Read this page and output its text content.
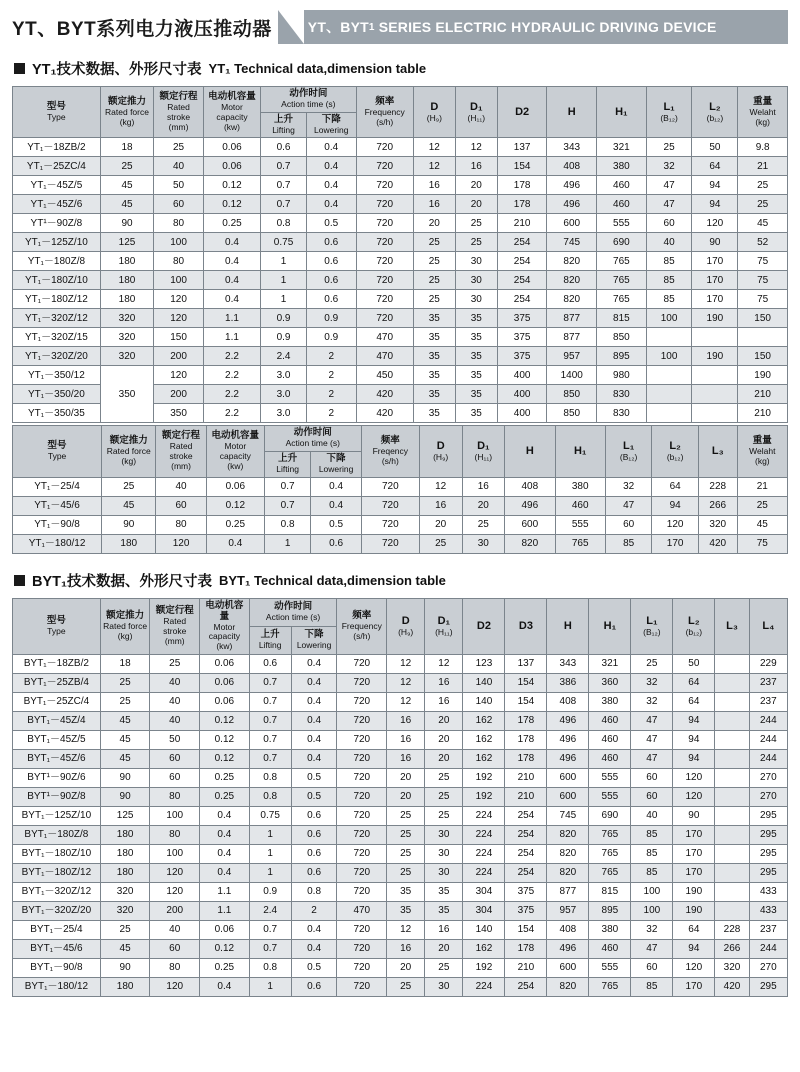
YT、BYT系列电力液压推动器	YT、BYT 1
SERIES ELECTRIC HYDRAULIC DRIVING DEVICE
YT₁技术数据、外形尺寸表 YT₁ Technical data,dimension table
型号
Type	额定推力
Rated force
(kg)	额定行程
Rated stroke
(mm)	电动机容量
Motor capacity
(kw)	动作时间
Action time (s)		频率
Frequency
(s/h)	D
(H₉)	D₁
(H₁₁)	D2	H	H₁	L₁
(B₁₂)	L₂
(b₁₂)	重量
Welaht
(kg)

				上升
Lifting	下降
Lowering									

YT₁－18ZB/2	18	25	0.06	0.6	0.4	720	12	12	137	343	321	25	50	9.8
YT₁－25ZC/4	25	40	0.06	0.7	0.4	720	12	16	154	408	380	32	64	21
YT₁－45Z/5	45	50	0.12	0.7	0.4	720	16	20	178	496	460	47	94	25
YT₁－45Z/6	45	60	0.12	0.7	0.4	720	16	20	178	496	460	47	94	25
YT¹－90Z/8	90	80	0.25	0.8	0.5	720	20	25	210	600	555	60	120	45
YT₁－125Z/10	125	100	0.4	0.75	0.6	720	25	25	254	745	690	40	90	52
YT₁－180Z/8	180	80	0.4	1	0.6	720	25	30	254	820	765	85	170	75
YT₁－180Z/10	180	100	0.4	1	0.6	720	25	30	254	820	765	85	170	75
YT₁－180Z/12	180	120	0.4	1	0.6	720	25	30	254	820	765	85	170	75
YT₁－320Z/12	320	120	1.1	0.9	0.9	720	35	35	375	877	815	100	190	150
YT₁－320Z/15	320	150	1.1	0.9	0.9	470	35	35	375	877	850			
YT₁－320Z/20	320	200	2.2	2.4	2	470	35	35	375	957	895	100	190	150
YT₁－350/12	350	120	2.2	3.0	2	450	35	35	400	1400	980			190
YT₁－350/20		200	2.2	3.0	2	420	35	35	400	850	830			210
YT₁－350/35		350	2.2	3.0	2	420	35	35	400	850	830			210
型号
Type	额定推力
Rated force
(kg)	额定行程
Rated stroke
(mm)	电动机容量
Motor capacity
(kw)	动作时间
Action time (s)		频率
Freqency
(s/h)	D
(H₉)	D₁
(H₁₁)	H	H₁	L₁
(B₁₂)	L₂
(b₁₂)	L₃	重量
Welaht
(kg)

				上升
Lifting	下降
Lowering									

YT₁－25/4	25	40	0.06	0.7	0.4	720	12	16	408	380	32	64	228	21
YT₁－45/6	45	60	0.12	0.7	0.4	720	16	20	496	460	47	94	266	25
YT₁－90/8	90	80	0.25	0.8	0.5	720	20	25	600	555	60	120	320	45
YT₁－180/12	180	120	0.4	1	0.6	720	25	30	820	765	85	170	420	75
BYT₁技术数据、外形尺寸表 BYT₁ Technical data,dimension table
型号
Type	额定推力
Rated force
(kg)	额定行程
Rated stroke
(mm)	电动机容量
Motor capacity
(kw)	动作时间
Action time (s)		频率
Frequency
(s/h)	D
(H₉)	D₁
(H₁₁)	D2	D3	H	H₁	L₁
(B₁₂)	L₂
(b₁₂)	L₃	L₄

				上升
Lifting	下降
Lowering											

BYT₁－18ZB/2	18	25	0.06	0.6	0.4	720	12	12	123	137	343	321	25	50		229
BYT₁－25ZB/4	25	40	0.06	0.7	0.4	720	12	16	140	154	386	360	32	64		237
BYT₁－25ZC/4	25	40	0.06	0.7	0.4	720	12	16	140	154	408	380	32	64		237
BYT₁－45Z/4	45	40	0.12	0.7	0.4	720	16	20	162	178	496	460	47	94		244
BYT₁－45Z/5	45	50	0.12	0.7	0.4	720	16	20	162	178	496	460	47	94		244
BYT₁－45Z/6	45	60	0.12	0.7	0.4	720	16	20	162	178	496	460	47	94		244
BYT¹－90Z/6	90	60	0.25	0.8	0.5	720	20	25	192	210	600	555	60	120		270
BYT¹－90Z/8	90	80	0.25	0.8	0.5	720	20	25	192	210	600	555	60	120		270
BYT₁－125Z/10	125	100	0.4	0.75	0.6	720	25	25	224	254	745	690	40	90		295
BYT₁－180Z/8	180	80	0.4	1	0.6	720	25	30	224	254	820	765	85	170		295
BYT₁－180Z/10	180	100	0.4	1	0.6	720	25	30	224	254	820	765	85	170		295
BYT₁－180Z/12	180	120	0.4	1	0.6	720	25	30	224	254	820	765	85	170		295
BYT₁－320Z/12	320	120	1.1	0.9	0.8	720	35	35	304	375	877	815	100	190		433
BYT₁－320Z/20	320	200	1.1	2.4	2	470	35	35	304	375	957	895	100	190		433
BYT₁－25/4	25	40	0.06	0.7	0.4	720	12	16	140	154	408	380	32	64	228	237
BYT₁－45/6	45	60	0.12	0.7	0.4	720	16	20	162	178	496	460	47	94	266	244
BYT₁－90/8	90	80	0.25	0.8	0.5	720	20	25	192	210	600	555	60	120	320	270
BYT₁－180/12	180	120	0.4	1	0.6	720	25	30	224	254	820	765	85	170	420	295
